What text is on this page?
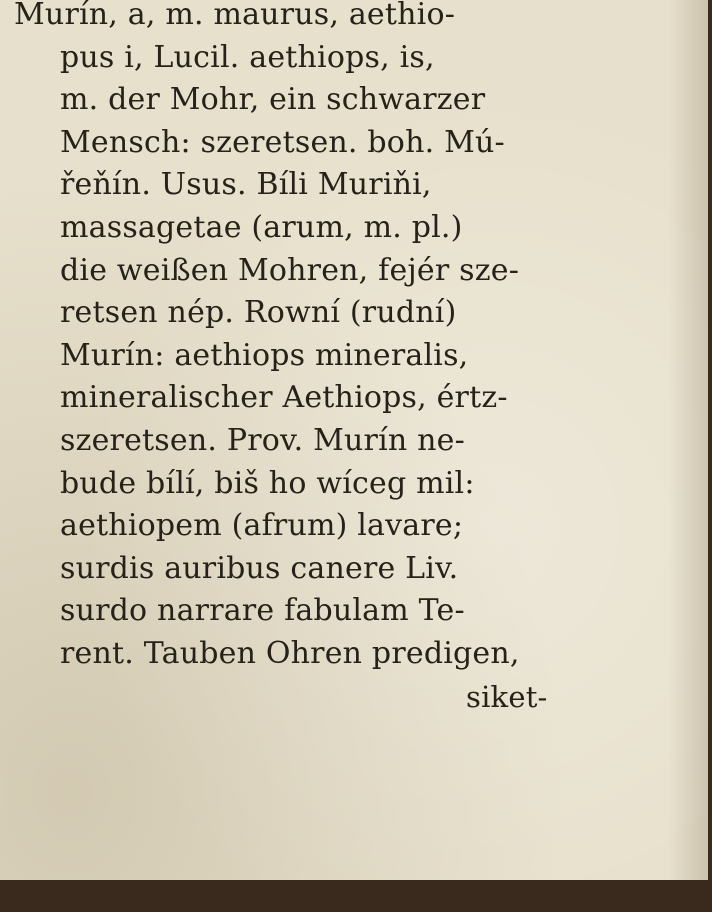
Murín, a, m. maurus, aethio-
pus i, Lucil. aethiops, is,
m. der Mohr, ein schwarzer
Mensch: szeretsen. boh. Mú-
řeňín. Usus. Bíli Muriňi,
massagetae (arum, m. pl.)
die weißen Mohren, fejér sze-
retsen nép. Rowní (rudní)
Murín: aethiops mineralis,
mineralischer Aethiops, értz-
szeretsen. Prov. Murín ne-
bude bílí, biš ho wíceg mil:
aethiopem (afrum) lavare;
surdis auribus canere Liv.
surdo narrare fabulam Te-
rent. Tauben Ohren predigen,
siket-
